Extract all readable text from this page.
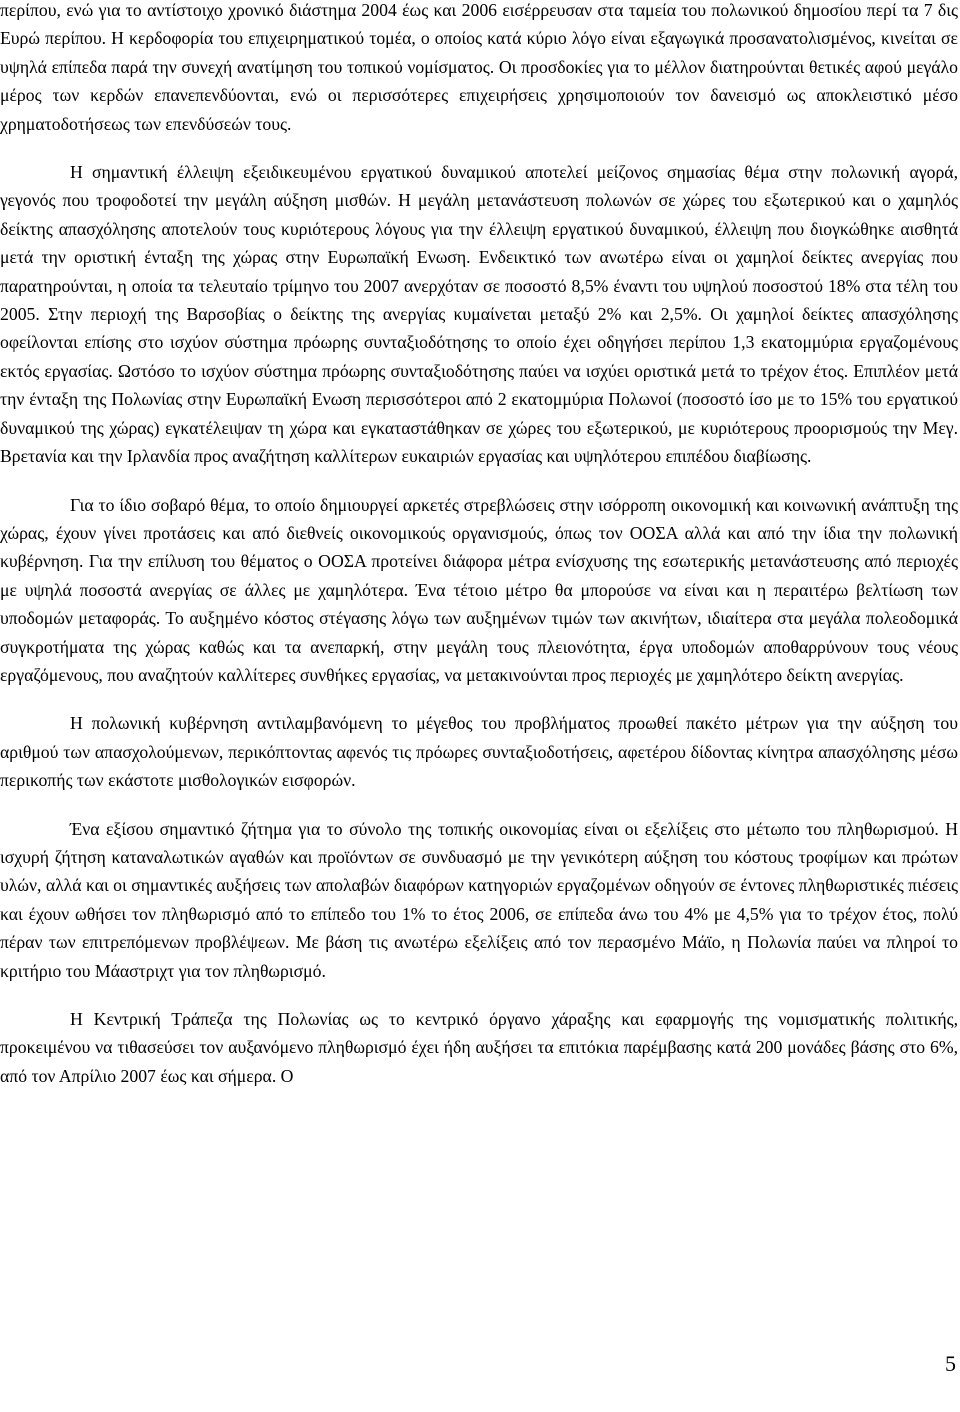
περίπου, ενώ για το αντίστοιχο χρονικό διάστημα 2004 έως και 2006 εισέρρευσαν στα ταμεία του πολωνικού δημοσίου περί τα 7 δις Ευρώ περίπου. Η κερδοφορία του επιχειρηματικού τομέα, ο οποίος κατά κύριο λόγο είναι εξαγωγικά προσανατολισμένος, κινείται σε υψηλά επίπεδα παρά την συνεχή ανατίμηση του τοπικού νομίσματος. Οι προσδοκίες για το μέλλον διατηρούνται θετικές αφού μεγάλο μέρος των κερδών επανεπενδύονται, ενώ οι περισσότερες επιχειρήσεις χρησιμοποιούν τον δανεισμό ως αποκλειστικό μέσο χρηματοδοτήσεως των επενδύσεών τους.

Η σημαντική έλλειψη εξειδικευμένου εργατικού δυναμικού αποτελεί μείζονος σημασίας θέμα στην πολωνική αγορά, γεγονός που τροφοδοτεί την μεγάλη αύξηση μισθών. Η μεγάλη μετανάστευση πολωνών σε χώρες του εξωτερικού και ο χαμηλός δείκτης απασχόλησης αποτελούν τους κυριότερους λόγους για την έλλειψη εργατικού δυναμικού, έλλειψη που διογκώθηκε αισθητά μετά την οριστική ένταξη της χώρας στην Ευρωπαϊκή Ενωση. Ενδεικτικό των ανωτέρω είναι οι χαμηλοί δείκτες ανεργίας που παρατηρούνται, η οποία τα τελευταίο τρίμηνο του 2007 ανερχόταν σε ποσοστό 8,5% έναντι του υψηλού ποσοστού 18% στα τέλη του 2005. Στην περιοχή της Βαρσοβίας ο δείκτης της ανεργίας κυμαίνεται μεταξύ 2% και 2,5%. Οι χαμηλοί δείκτες απασχόλησης οφείλονται επίσης στο ισχύον σύστημα πρόωρης συνταξιοδότησης το οποίο έχει οδηγήσει περίπου 1,3 εκατομμύρια εργαζομένους εκτός εργασίας. Ωστόσο το ισχύον σύστημα πρόωρης συνταξιοδότησης παύει να ισχύει οριστικά μετά το τρέχον έτος. Επιπλέον μετά την ένταξη της Πολωνίας στην Ευρωπαϊκή Ενωση περισσότεροι από 2 εκατομμύρια Πολωνοί (ποσοστό ίσο με το 15% του εργατικού δυναμικού της χώρας) εγκατέλειψαν τη χώρα και εγκαταστάθηκαν σε χώρες του εξωτερικού, με κυριότερους προορισμούς την Μεγ. Βρετανία και την Ιρλανδία προς αναζήτηση καλλίτερων ευκαιριών εργασίας και υψηλότερου επιπέδου διαβίωσης.

Για το ίδιο σοβαρό θέμα, το οποίο δημιουργεί αρκετές στρεβλώσεις στην ισόρροπη οικονομική και κοινωνική ανάπτυξη της χώρας, έχουν γίνει προτάσεις και από διεθνείς οικονομικούς οργανισμούς, όπως τον ΟΟΣΑ αλλά και από την ίδια την πολωνική κυβέρνηση. Για την επίλυση του θέματος ο ΟΟΣΑ προτείνει διάφορα μέτρα ενίσχυσης της εσωτερικής μετανάστευσης από περιοχές με υψηλά ποσοστά ανεργίας σε άλλες με χαμηλότερα. Ένα τέτοιο μέτρο θα μπορούσε να είναι και η περαιτέρω βελτίωση των υποδομών μεταφοράς. Το αυξημένο κόστος στέγασης λόγω των αυξημένων τιμών των ακινήτων, ιδιαίτερα στα μεγάλα πολεοδομικά συγκροτήματα της χώρας καθώς και τα ανεπαρκή, στην μεγάλη τους πλειονότητα, έργα υποδομών αποθαρρύνουν τους νέους εργαζόμενους, που αναζητούν καλλίτερες συνθήκες εργασίας, να μετακινούνται προς περιοχές με χαμηλότερο δείκτη ανεργίας.

Η πολωνική κυβέρνηση αντιλαμβανόμενη το μέγεθος του προβλήματος προωθεί πακέτο μέτρων για την αύξηση του αριθμού των απασχολούμενων, περικόπτοντας αφενός τις πρόωρες συνταξιοδοτήσεις, αφετέρου δίδοντας κίνητρα απασχόλησης μέσω περικοπής των εκάστοτε μισθολογικών εισφορών.

Ένα εξίσου σημαντικό ζήτημα για το σύνολο της τοπικής οικονομίας είναι οι εξελίξεις στο μέτωπο του πληθωρισμού. Η ισχυρή ζήτηση καταναλωτικών αγαθών και προϊόντων σε συνδυασμό με την γενικότερη αύξηση του κόστους τροφίμων και πρώτων υλών, αλλά και οι σημαντικές αυξήσεις των απολαβών διαφόρων κατηγοριών εργαζομένων οδηγούν σε έντονες πληθωριστικές πιέσεις και έχουν ωθήσει τον πληθωρισμό από το επίπεδο του 1% το έτος 2006, σε επίπεδα άνω του 4% με 4,5% για το τρέχον έτος, πολύ πέραν των επιτρεπόμενων προβλέψεων. Με βάση τις ανωτέρω εξελίξεις από τον περασμένο Μάϊο, η Πολωνία παύει να πληροί το κριτήριο του Μάαστριχτ για τον πληθωρισμό.

Η Κεντρική Τράπεζα της Πολωνίας ως το κεντρικό όργανο χάραξης και εφαρμογής της νομισματικής πολιτικής, προκειμένου να τιθασεύσει τον αυξανόμενο πληθωρισμό έχει ήδη αυξήσει τα επιτόκια παρέμβασης κατά 200 μονάδες βάσης στο 6%, από τον Απρίλιο 2007 έως και σήμερα. Ο

5
